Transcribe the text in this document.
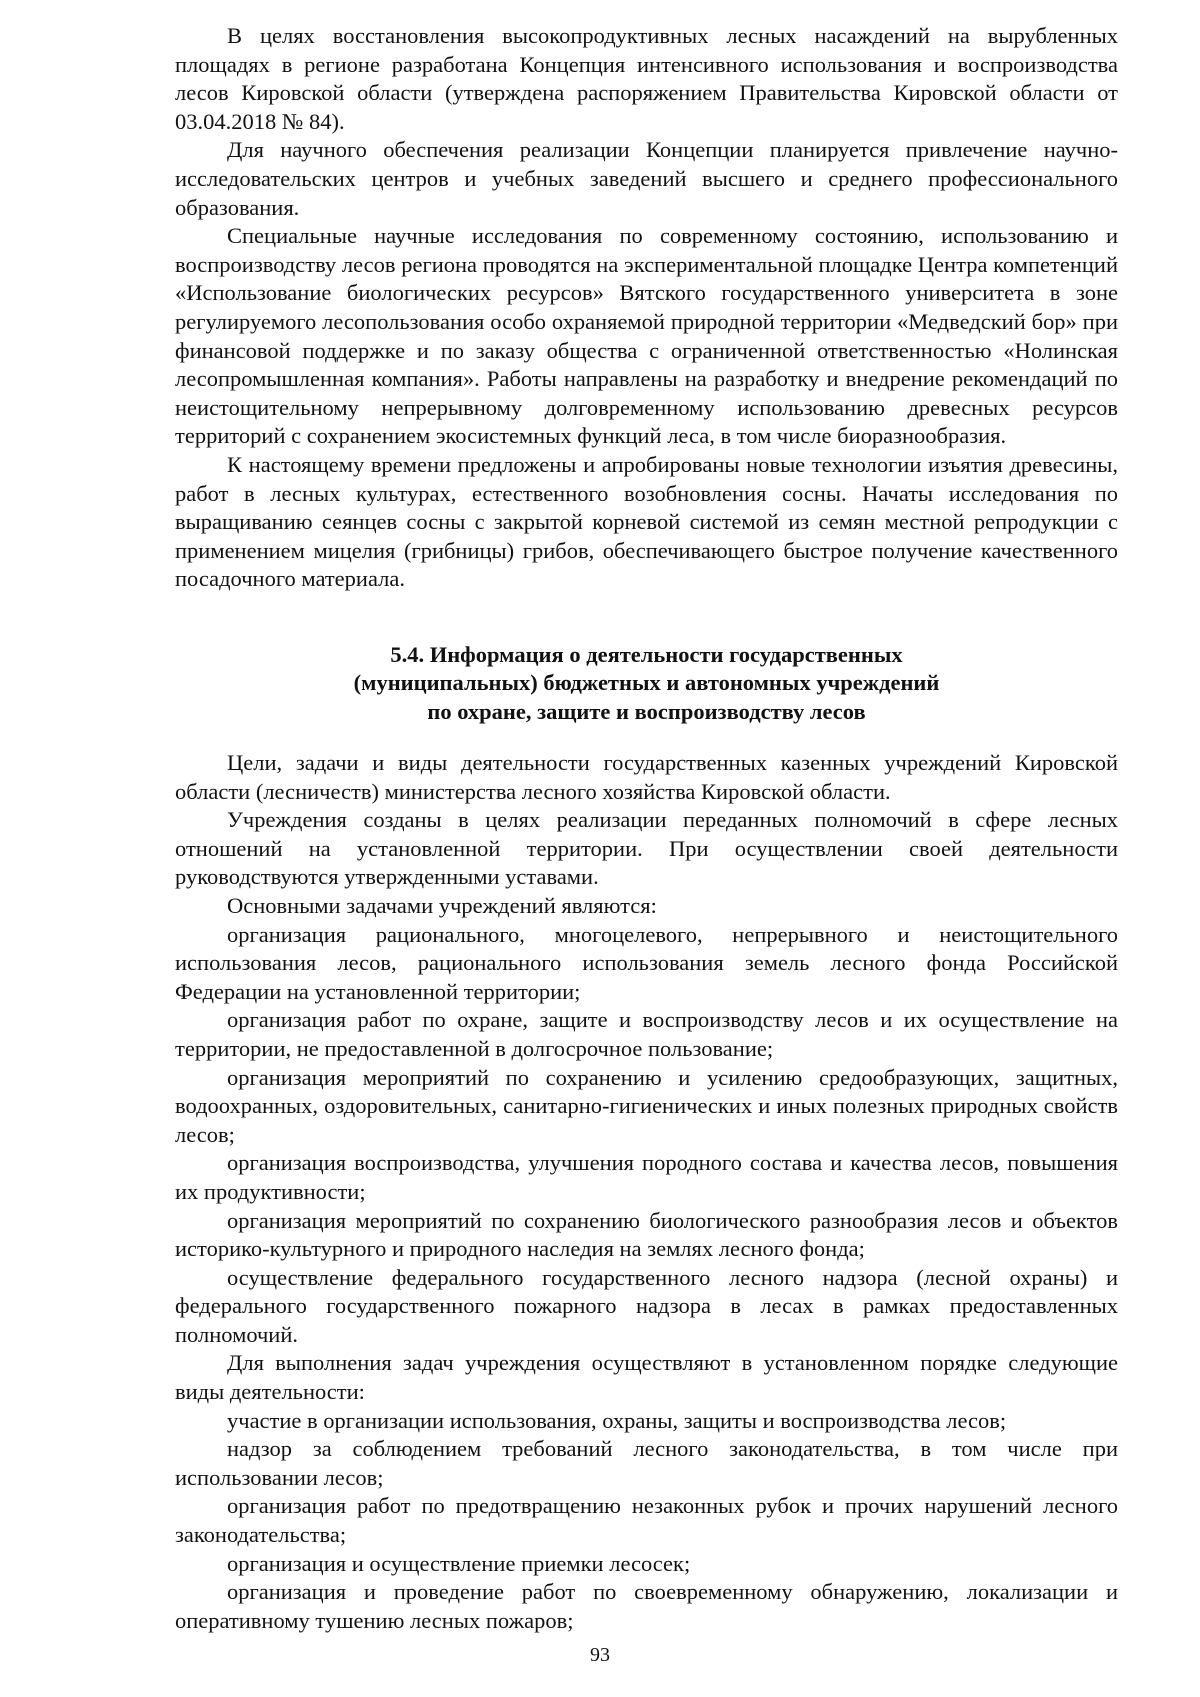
В целях восстановления высокопродуктивных лесных насаждений на вырубленных площадях в регионе разработана Концепция интенсивного использования и воспроизводства лесов Кировской области (утверждена распоряжением Правительства Кировской области от 03.04.2018 № 84).

Для научного обеспечения реализации Концепции планируется привлечение научно-исследовательских центров и учебных заведений высшего и среднего профессионального образования.

Специальные научные исследования по современному состоянию, использованию и воспроизводству лесов региона проводятся на экспериментальной площадке Центра компетенций «Использование биологических ресурсов» Вятского государственного университета в зоне регулируемого лесопользования особо охраняемой природной территории «Медведский бор» при финансовой поддержке и по заказу общества с ограниченной ответственностью «Нолинская лесопромышленная компания». Работы направлены на разработку и внедрение рекомендаций по неистощительному непрерывному долговременному использованию древесных ресурсов территорий с сохранением экосистемных функций леса, в том числе биоразнообразия.

К настоящему времени предложены и апробированы новые технологии изъятия древесины, работ в лесных культурах, естественного возобновления сосны. Начаты исследования по выращиванию сеянцев сосны с закрытой корневой системой из семян местной репродукции с применением мицелия (грибницы) грибов, обеспечивающего быстрое получение качественного посадочного материала.

5.4. Информация о деятельности государственных
(муниципальных) бюджетных и автономных учреждений
по охране, защите и воспроизводству лесов

Цели, задачи и виды деятельности государственных казенных учреждений Кировской области (лесничеств) министерства лесного хозяйства Кировской области.

Учреждения созданы в целях реализации переданных полномочий в сфере лесных отношений на установленной территории. При осуществлении своей деятельности руководствуются утвержденными уставами.

Основными задачами учреждений являются:

организация рационального, многоцелевого, непрерывного и неистощительного использования лесов, рационального использования земель лесного фонда Российской Федерации на установленной территории;

организация работ по охране, защите и воспроизводству лесов и их осуществление на территории, не предоставленной в долгосрочное пользование;

организация мероприятий по сохранению и усилению средообразующих, защитных, водоохранных, оздоровительных, санитарно-гигиенических и иных полезных природных свойств лесов;

организация воспроизводства, улучшения породного состава и качества лесов, повышения их продуктивности;

организация мероприятий по сохранению биологического разнообразия лесов и объектов историко-культурного и природного наследия на землях лесного фонда;

осуществление федерального государственного лесного надзора (лесной охраны) и федерального государственного пожарного надзора в лесах в рамках предоставленных полномочий.

Для выполнения задач учреждения осуществляют в установленном порядке следующие виды деятельности:

участие в организации использования, охраны, защиты и воспроизводства лесов;

надзор за соблюдением требований лесного законодательства, в том числе при использовании лесов;

организация работ по предотвращению незаконных рубок и прочих нарушений лесного законодательства;

организация и осуществление приемки лесосек;

организация и проведение работ по своевременному обнаружению, локализации и оперативному тушению лесных пожаров;

93
